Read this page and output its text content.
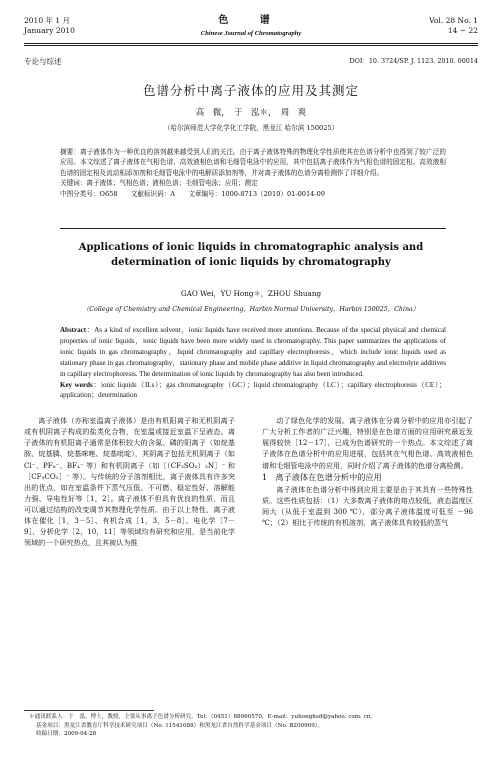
2010 年 1 月
January 2010
色 谱
Chinese Journal of Chromatography
Vol. 28 No. 1
14 ~ 22
专论与综述	DOI：10. 3724/SP. J. 1123. 2010. 00014
色谱分析中离子液体的应用及其测定
高　微，　于　泓＊，　周　爽
（哈尔滨师范大学化学化工学院，黑龙江 哈尔滨 150025）
摘要：离子液体作为一种优良的溶剂越来越受到人们的关注。由于离子液体特殊的物理化学性质使其在色谱分析中也得到了较广泛的应用。本文综述了离子液体在气相色谱、高效液相色谱和毛细管电泳中的应用，其中包括离子液体作为气相色谱的固定相、高效液相色谱的固定相及流动相添加剂和毛细管电泳中的电解质添加剂等，并对离子液体的色谱分离检测作了详细介绍。
关键词：离子液体；气相色谱；液相色谱；毛细管电泳；应用；测定
中图分类号：O658　　文献标识码：A　　文章编号：1000-8713（2010）01-0014-09
Applications of ionic liquids in chromatographic analysis and determination of ionic liquids by chromatography
GAO Wei，YU Hong＊，ZHOU Shuang
（College of Chemistry and Chemical Engineering，Harbin Normal University，Harbin 150025，China）
Abstract：As a kind of excellent solvent，ionic liquids have received more attentions. Because of the special physical and chemical properties of ionic liquids，ionic liquids have been more widely used in chromatography. This paper summarizes the applications of ionic liquids in gas chromatography，liquid chromatography and capillary electrophoresis，which include ionic liquids used as stationary phase in gas chromatography，stationary phase and mobile phase additive in liquid chromatography and electrolyte additives in capillary electrophoresis. The determination of ionic liquids by chromatography has also been introduced.
Key words：ionic liquids（ILs）；gas chromatography（GC）；liquid chromatography（LC）；capillary electrophoresis（CE）；application；determination

离子液体（亦称室温离子液体）是由有机阳离子和无机阴离子或有机阴离子构成的盐类化合物，在室温或接近室温下呈液态。离子液体的有机阳离子通常是体积较大的含氮、磷的阳离子（如烷基胺、烷基膦、烷基咪唑、烷基吡啶），其阴离子包括无机阴离子（如 Cl⁻、PF₆⁻、BF₄⁻ 等）和有机阴离子（如［（CF₃SO₂）₂N］⁻ 和［CF₃CO₂］⁻ 等）。与传统的分子溶剂相比，离子液体具有许多突出的优点，如在室温条件下蒸气压低、不可燃、稳定性好、溶解能力强、导电性好等［1，2］。离子液体不但具有优良的性质，而且可以通过结构的改变调节其物理化学性质。由于以上特性，离子液体在催化［1，3－5］、有机合成［1，3，5－8］、电化学［7－9］、分析化学［2，10，11］等领域均有研究和应用，是当前化学领域的一个研究热点，且其被认为推

动了绿色化学的发展。离子液体在分离分析中的应用亦引起了广大分析工作者的广泛兴趣，特别是在色谱方面的应用研究最近发展得较快［12－17］，已成为色谱研究的一个热点。本文综述了离子液体在色谱分析中的应用进展，包括其在气相色谱、高效液相色谱和毛细管电泳中的应用，同时介绍了离子液体的色谱分离检测。

1　离子液体在色谱分析中的应用

离子液体在色谱分析中得到应用主要是由于其具有一些特殊性质。这些性质包括：（1）大多数离子液体的熔点较低，液态温度区间大（从低于室温到 300 ℃），部分离子液体温度可低至 －96 ℃；（2）相比于传统的有机溶剂，离子液体具有较低的蒸气

＊通讯联系人：于　泓，博士，教授，主要从事离子色谱分析研究。Tel：（0451）88060570，E-mail：yuhonghsd@yahoo. com. cn。

基金项目：黑龙江省教育厅科学技术研究项目（No. 11541088）和黑龙江省自然科学基金项目（No. B200909）。

收稿日期：2009-04-28
